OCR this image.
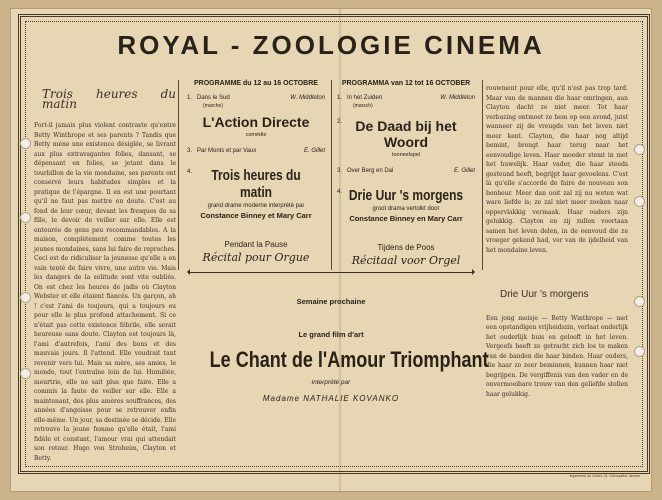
ROYAL - ZOOLOGIE CINEMA
Trois heures du matin
Fort-il jamais plus violent contraste qu'entre Betty Winthrope et ses parents ? Tandis que Betty mène une existence désiglée, se livrant aux plus extravagantes folies, dansant, se dépensant en folies, se jetant dans le tourbillon de la vie mondaine, ses parents ont conservé leurs habitudes simples et la pratique de l'épargne. Il en est une pourtant qu'il ne faut pas mettre en doute. C'est au fond de leur cœur, devant les fresques de sa fille, le devoir de veiller sur elle. Elle est entourée de gens peu recommandables. A la maison, complètement comme toutes les jeunes mondaines, sans lui faire de reproches. Ceci est de ridiculiser la jeunesse qu'elle a en vain tenté de faire vivre, une autre vie. Mais les dangers de la solitude sont vite oubliés. On est chez les heures de jadis où Clayton Webster et elle étaient fiancés. Un garçon, ah ! c'est l'ami de toujours, qui a toujours eu pour elle le plus profond attachement. Si ce n'était pas cette existence fébrile, elle serait heureuse sans doute. Clayton est toujours là, l'ami d'autrefois, l'ami des bons et des mauvais jours. Il l'attend. Elle voudrait tant revenir vers lui. Mais sa mère, ses amies, le monde, tout l'entraîne loin de lui. Humiliée, meurtrie, elle ne sait plus que faire. Elle a commis la faute de veiller sur elle. Elle a maintenant, des plus amères souffrances, des années d'angoisse pour se retrouver enfin elle-même. Un jour, sa destinée se décide. Elle retrouve la jeune femme qu'elle était, l'ami fidèle et constant, l'amour vrai qui attendait son retour. Hugo von Stroheim, Clayton et Betty.
PROGRAMME du 12 au 16 OCTOBRE
1. Dans le Sud	W. Middleton
(marche)
L'Action Directe
comédie
3. Par Monts et par Vaux	E. Gillet
4.	Trois heures du matin
grand drame moderne interprété par
Constance Binney et Mary Carr
Pendant la Pause
Récital pour Orgue
PROGRAMMA van 12 tot 16 OCTOBER
1. In het Zuiden	W. Middleton
(marsch)
2. De Daad bij het Woord
tooneelspel
3. Over Berg en Dal	E. Gillet
4. Drie Uur 's morgens
groot drama vertolkt door
Constance Binney en Mary Carr
Tijdens de Poos
Récitaal voor Orgel
Semaine prochaine
Le grand film d'art
Le Chant de l'Amour Triomphant
interprété par
Madame NATHALIE KOVANKO
rouwment pour elle, qu'il n'est pas trop tard. Maar van de mannen die haar omringen, aan Clayton dacht ze niet meer. Tot haar verbazing ontmoet ze hem op een avond, juist wanneer zij de vreugde van het leven niet meer kent. Clayton, die haar nog altijd bemint, brengt haar terug naar het eenvoudige leven. Haar moeder stemt in met het huwelijk. Haar vader, die haar steeds gesteund heeft, begrijpt haar gevoelens. C'est là qu'elle s'accorde de faire de nouveau son bonheur. Meer dan ooit zal zij nu weten wat ware liefde is; ze zal niet meer zoeken naar oppervlakkig vermaak. Haar ouders zijn gelukkig. Clayton en zij zullen voortaan samen het leven delen, in de eenvoud die ze vroeger gekend had, ver van de ijdelheid van het mondaine leven.
Drie Uur 's morgens
Een jong meisje — Betty Winthrope — met een opstandigen vrijheidszin, verlaat onderlijk het ouderlijk huis en gelooft in het leven. Vergeefs heeft ze getracht zich los te maken van de banden die haar binden. Haar ouders, die haar zo zeer beminnen, kunnen haar niet begrijpen. De vergiffenis van den vader en de onvermoeibare trouw van den geliefde stellen haar gelukkig.
Imprimerie du Centre, M. Ghesquière, Anvers
